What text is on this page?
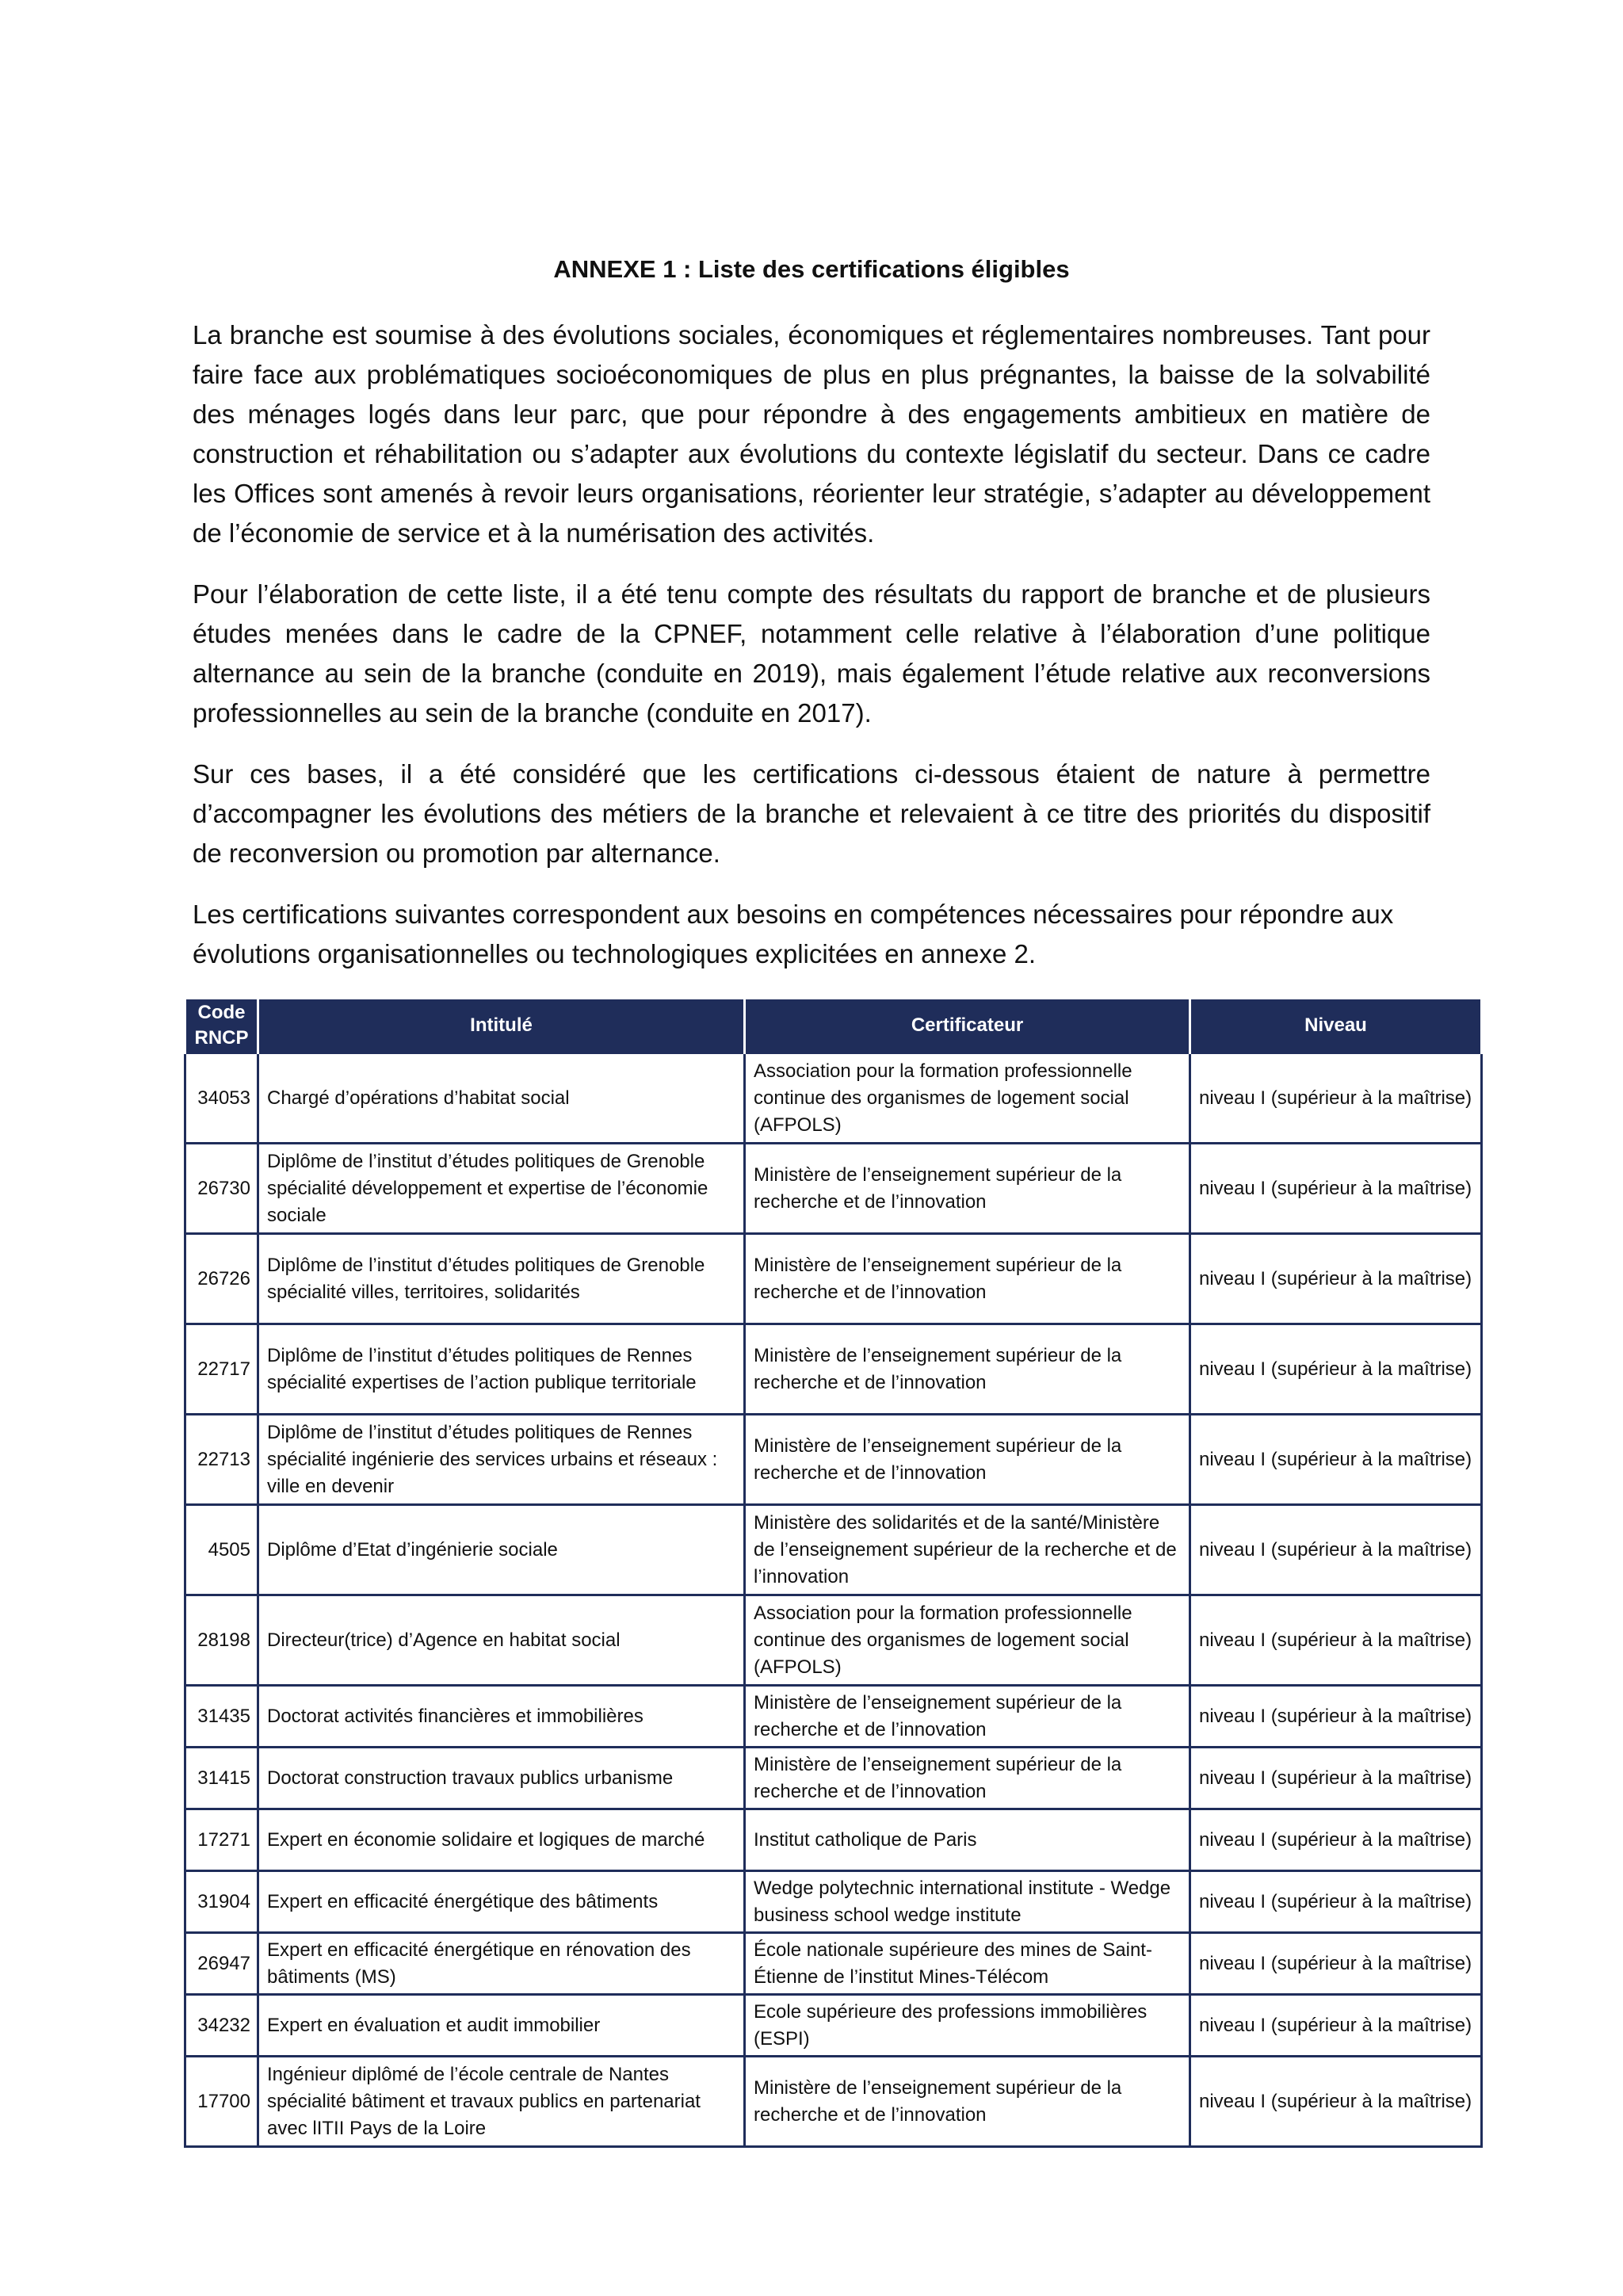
ANNEXE 1 : Liste des certifications éligibles

La branche est soumise à des évolutions sociales, économiques et réglementaires nombreuses. Tant pour faire face aux problématiques socioéconomiques de plus en plus prégnantes, la baisse de la solvabilité des ménages logés dans leur parc, que pour répondre à des engagements ambitieux en matière de construction et réhabilitation ou s’adapter aux évolutions du contexte législatif du secteur. Dans ce cadre les Offices sont amenés à revoir leurs organisations, réorienter leur stratégie, s’adapter au développement de l’économie de service et à la numérisation des activités.

Pour l’élaboration de cette liste, il a été tenu compte des résultats du rapport de branche et de plusieurs études menées dans le cadre de la CPNEF, notamment celle relative à l’élaboration d’une politique alternance au sein de la branche (conduite en 2019), mais également l’étude relative aux reconversions professionnelles au sein de la branche (conduite en 2017).

Sur ces bases, il a été considéré que les certifications ci-dessous étaient de nature à permettre d’accompagner les évolutions des métiers de la branche et relevaient à ce titre des priorités du dispositif de reconversion ou promotion par alternance.

Les certifications suivantes correspondent aux besoins en compétences nécessaires pour répondre aux évolutions organisationnelles ou technologiques explicitées en annexe 2.

Code
RNCP	Intitulé	Certificateur	Niveau
34053	Chargé d’opérations d’habitat social	Association pour la formation professionnelle continue des organismes de logement social (AFPOLS)	niveau I (supérieur à la maîtrise)
26730	Diplôme de l’institut d’études politiques de Grenoble spécialité développement et expertise de l’économie sociale	Ministère de l’enseignement supérieur de la recherche et de l’innovation	niveau I (supérieur à la maîtrise)
26726	Diplôme de l’institut d’études politiques de Grenoble spécialité villes, territoires, solidarités	Ministère de l’enseignement supérieur de la recherche et de l’innovation	niveau I (supérieur à la maîtrise)
22717	Diplôme de l’institut d’études politiques de Rennes spécialité expertises de l’action publique territoriale	Ministère de l’enseignement supérieur de la recherche et de l’innovation	niveau I (supérieur à la maîtrise)
22713	Diplôme de l’institut d’études politiques de Rennes spécialité ingénierie des services urbains et réseaux : ville en devenir	Ministère de l’enseignement supérieur de la recherche et de l’innovation	niveau I (supérieur à la maîtrise)
4505	Diplôme d’Etat d’ingénierie sociale	Ministère des solidarités et de la santé/Ministère de l’enseignement supérieur de la recherche et de l’innovation	niveau I (supérieur à la maîtrise)
28198	Directeur(trice) d’Agence en habitat social	Association pour la formation professionnelle continue des organismes de logement social (AFPOLS)	niveau I (supérieur à la maîtrise)
31435	Doctorat activités financières et immobilières	Ministère de l’enseignement supérieur de la recherche et de l’innovation	niveau I (supérieur à la maîtrise)
31415	Doctorat construction travaux publics urbanisme	Ministère de l’enseignement supérieur de la recherche et de l’innovation	niveau I (supérieur à la maîtrise)
17271	Expert en économie solidaire et logiques de marché	Institut catholique de Paris	niveau I (supérieur à la maîtrise)
31904	Expert en efficacité énergétique des bâtiments	Wedge polytechnic international institute - Wedge business school wedge institute	niveau I (supérieur à la maîtrise)
26947	Expert en efficacité énergétique en rénovation des bâtiments (MS)	École nationale supérieure des mines de Saint-Étienne de l’institut Mines-Télécom	niveau I (supérieur à la maîtrise)
34232	Expert en évaluation et audit immobilier	Ecole supérieure des professions immobilières (ESPI)	niveau I (supérieur à la maîtrise)
17700	Ingénieur diplômé de l’école centrale de Nantes spécialité bâtiment et travaux publics en partenariat avec lITII Pays de la Loire	Ministère de l’enseignement supérieur de la recherche et de l’innovation	niveau I (supérieur à la maîtrise)
